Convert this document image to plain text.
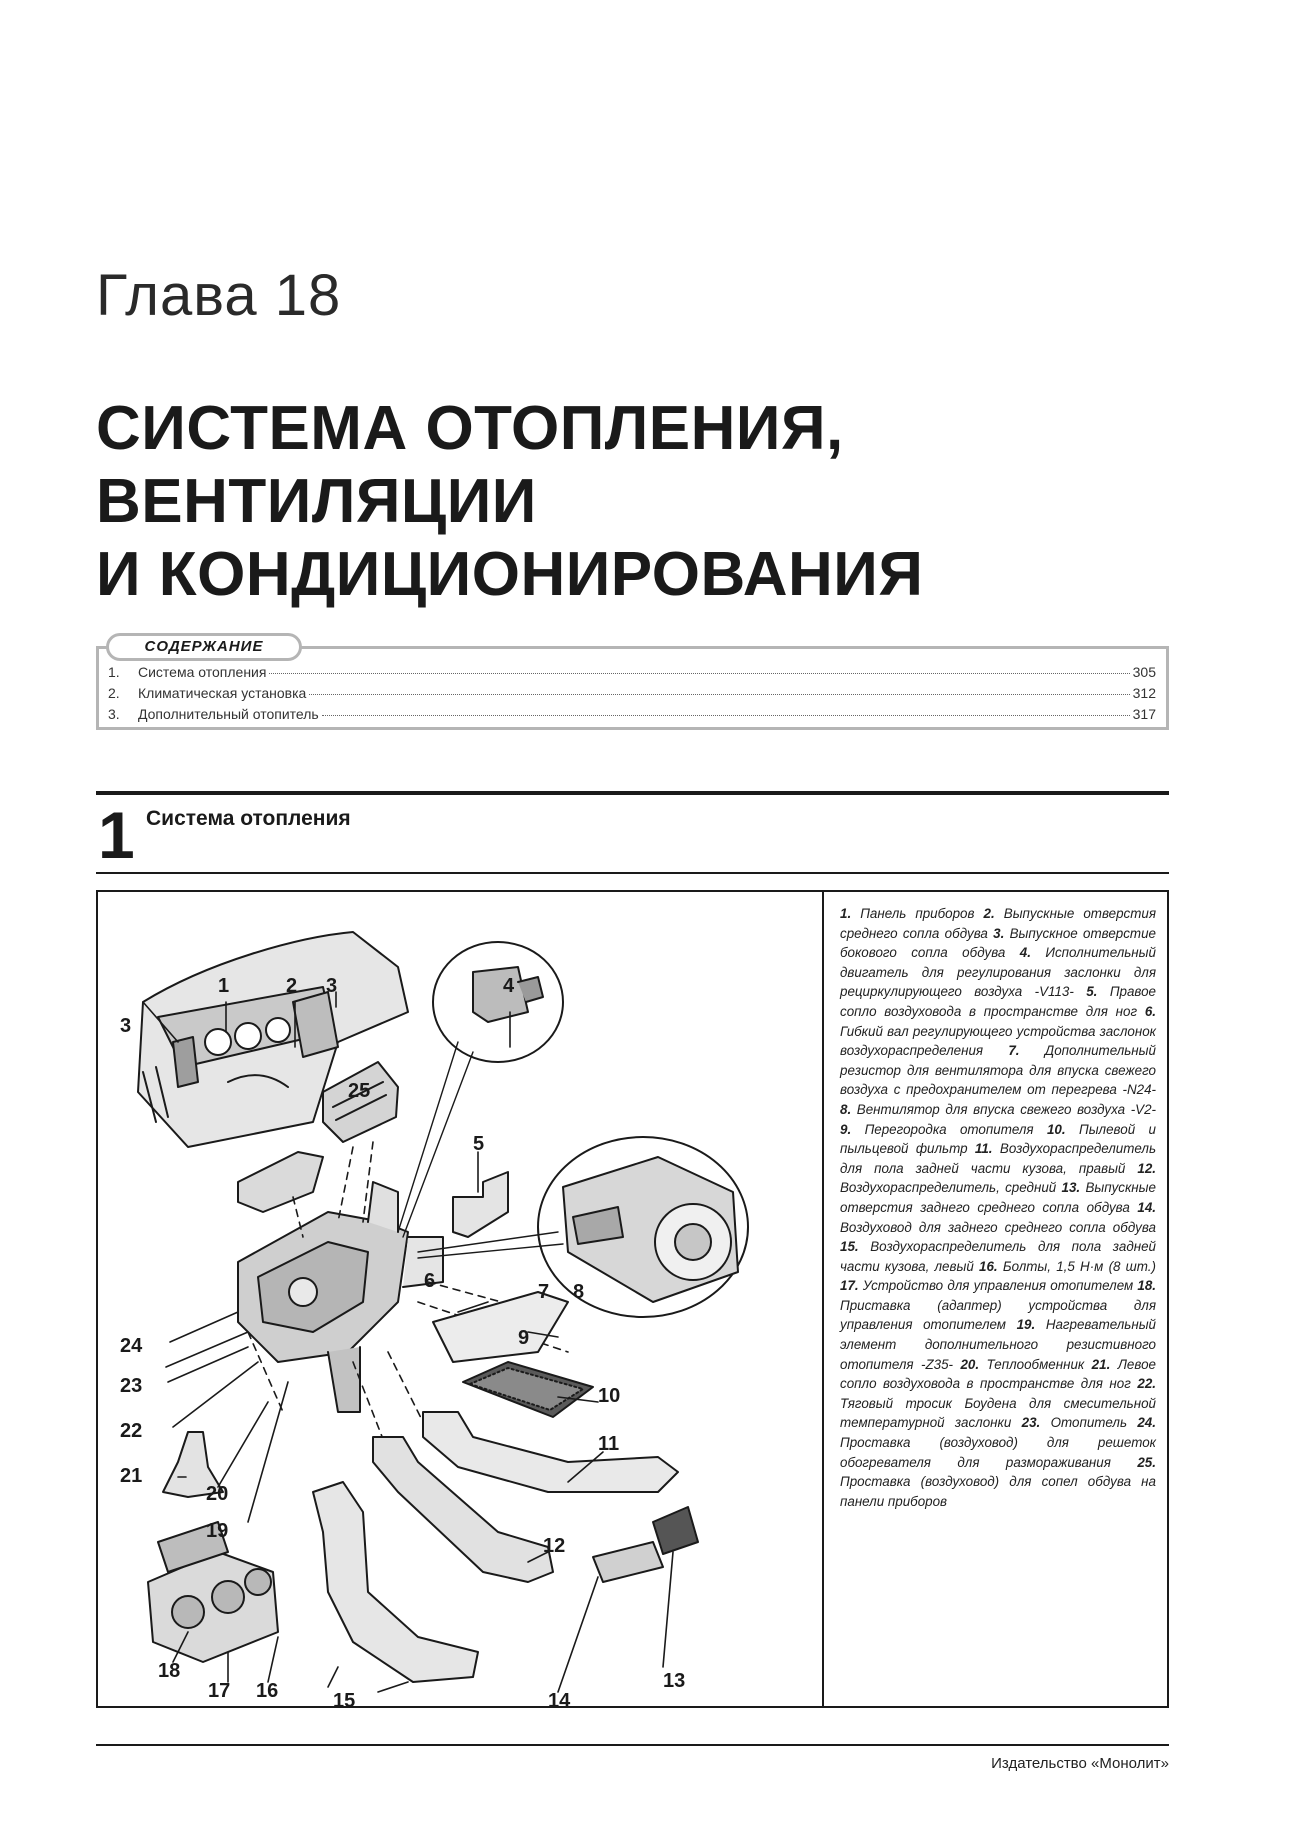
Глава 18
СИСТЕМА ОТОПЛЕНИЯ,
ВЕНТИЛЯЦИИ
И КОНДИЦИОНИРОВАНИЯ
СОДЕРЖАНИЕ
1.	Система отопления	305
2.	Климатическая установка	312
3.	Дополнительный отопитель	317
1 Система отопления
1	2 3
3
4
5
6	7 8
9
10
11
12
13
14
15
16
17
18
19
20
21
22
23
24
25
1. Панель приборов 2. Выпускные отверстия среднего сопла обдува 3. Выпускное отверстие бокового сопла обдува 4. Исполнительный двигатель для регулирования заслонки для рециркулирующего воздуха -V113- 5. Правое сопло воздуховода в пространстве для ног 6. Гибкий вал регулирующего устройства заслонок воздухораспределения 7. Дополнительный резистор для вентилятора для впуска свежего воздуха с предохранителем от перегрева -N24- 8. Вентилятор для впуска свежего воздуха -V2- 9. Перегородка отопителя 10. Пылевой и пыльцевой фильтр 11. Воздухораспределитель для пола задней части кузова, правый 12. Воздухораспределитель, средний 13. Выпускные отверстия заднего среднего сопла обдува 14. Воздуховод для заднего среднего сопла обдува 15. Воздухораспределитель для пола задней части кузова, левый 16. Болты, 1,5 Н·м (8 шт.) 17. Устройство для управления отопителем 18. Приставка (адаптер) устройства для управления отопителем 19. Нагревательный элемент дополнительного резистивного отопителя -Z35- 20. Теплообменник 21. Левое сопло воздуховода в пространстве для ног 22. Тяговый тросик Боудена для смесительной температурной заслонки 23. Отопитель 24. Проставка (воздуховод) для решеток обогревателя для размораживания 25. Проставка (воздуховод) для сопел обдува на панели приборов
Издательство «Монолит»
